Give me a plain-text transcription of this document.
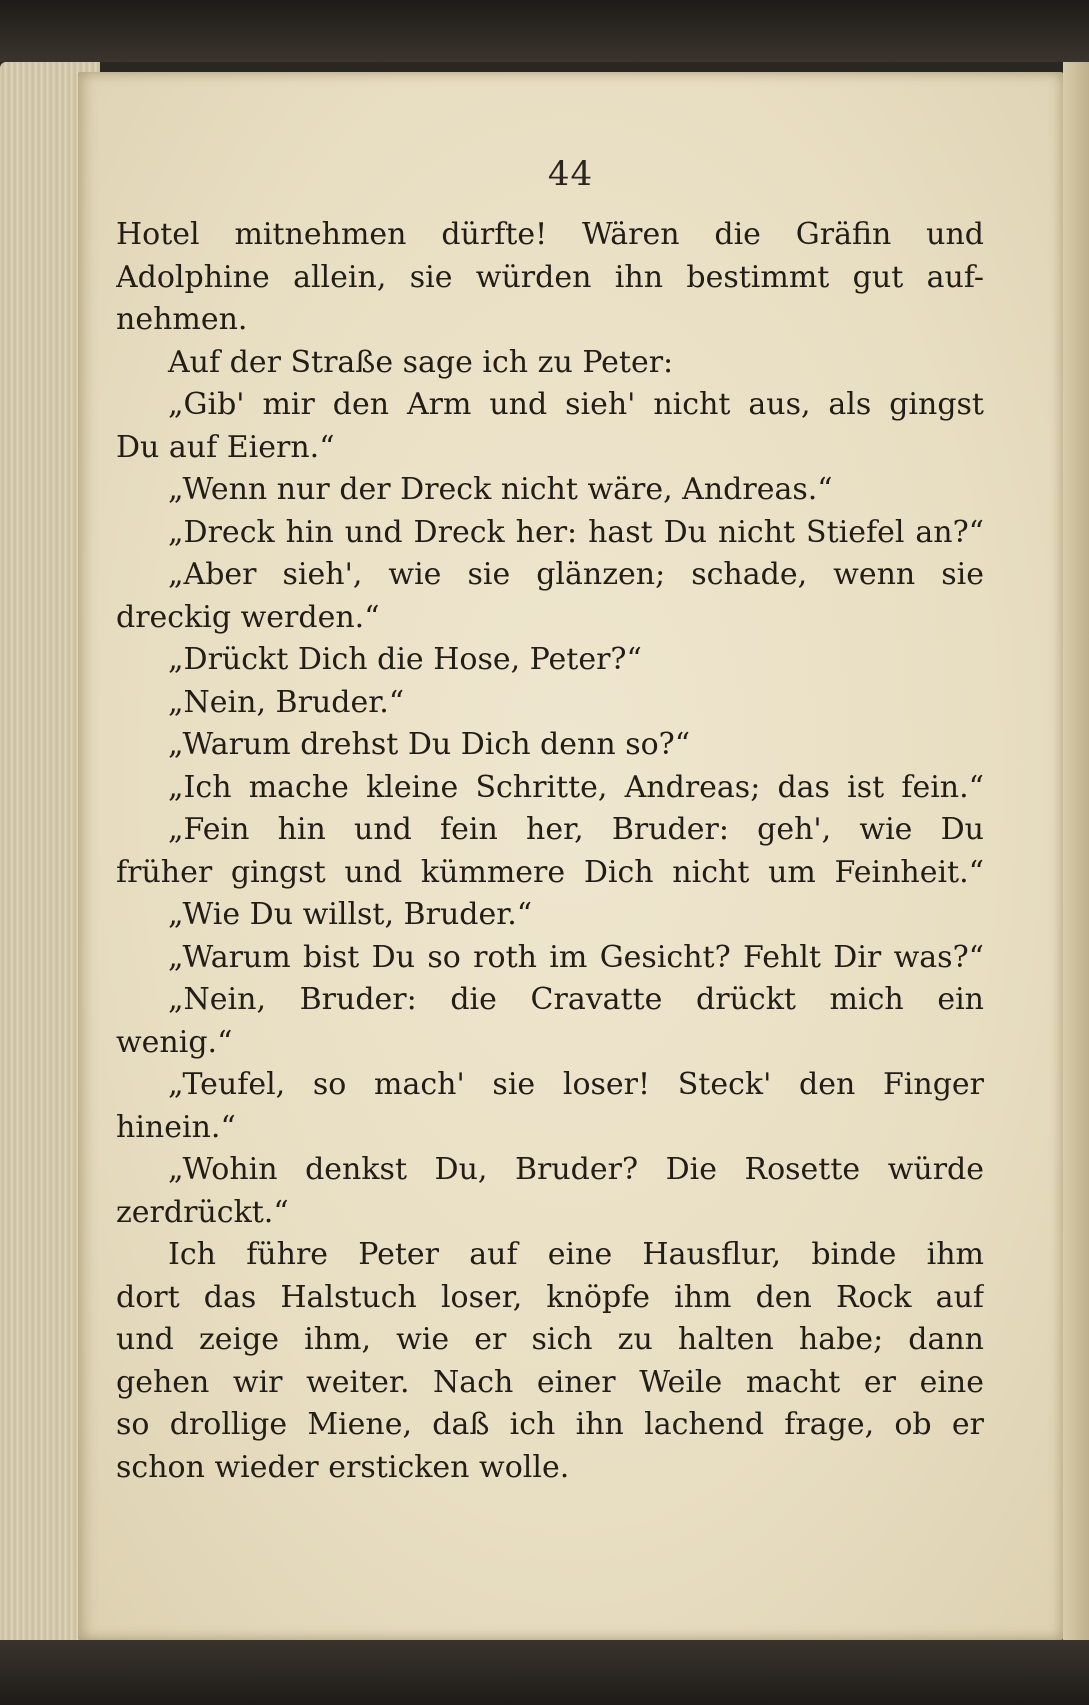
44
Hotel mitnehmen dürfte! Wären die Gräfin und
Adolphine allein, sie würden ihn bestimmt gut auf-
nehmen.
Auf der Straße sage ich zu Peter:
„Gib' mir den Arm und sieh' nicht aus, als gingst
Du auf Eiern.“
„Wenn nur der Dreck nicht wäre, Andreas.“
„Dreck hin und Dreck her: hast Du nicht Stiefel an?“
„Aber sieh', wie sie glänzen; schade, wenn sie
dreckig werden.“
„Drückt Dich die Hose, Peter?“
„Nein, Bruder.“
„Warum drehst Du Dich denn so?“
„Ich mache kleine Schritte, Andreas; das ist fein.“
„Fein hin und fein her, Bruder: geh', wie Du
früher gingst und kümmere Dich nicht um Feinheit.“
„Wie Du willst, Bruder.“
„Warum bist Du so roth im Gesicht? Fehlt Dir was?“
„Nein, Bruder: die Cravatte drückt mich ein
wenig.“
„Teufel, so mach' sie loser! Steck' den Finger
hinein.“
„Wohin denkst Du, Bruder? Die Rosette würde
zerdrückt.“
Ich führe Peter auf eine Hausflur, binde ihm
dort das Halstuch loser, knöpfe ihm den Rock auf
und zeige ihm, wie er sich zu halten habe; dann
gehen wir weiter. Nach einer Weile macht er eine
so drollige Miene, daß ich ihn lachend frage, ob er
schon wieder ersticken wolle.
